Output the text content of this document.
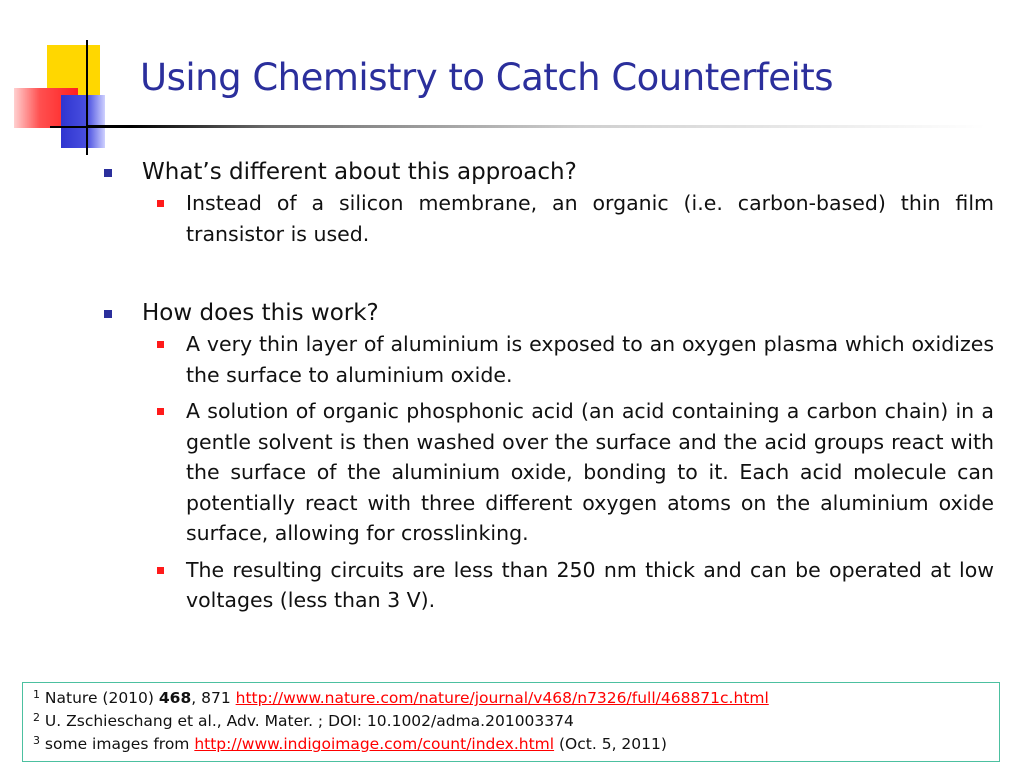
Using Chemistry to Catch Counterfeits
What’s different about this approach?
Instead of a silicon membrane, an organic (i.e. carbon-based) thin film transistor is used.
How does this work?
A very thin layer of aluminium is exposed to an oxygen plasma which oxidizes the surface to aluminium oxide.
A solution of organic phosphonic acid (an acid containing a carbon chain) in a gentle solvent is then washed over the surface and the acid groups react with the surface of the aluminium oxide, bonding to it. Each acid molecule can potentially react with three different oxygen atoms on the aluminium oxide surface, allowing for crosslinking.
The resulting circuits are less than 250 nm thick and can be operated at low voltages (less than 3 V).
$^1$ Nature (2010) 468, 871 http://www.nature.com/nature/journal/v468/n7326/full/468871c.html
$^2$ U. Zschieschang et al., Adv. Mater. ; DOI: 10.1002/adma.201003374
$^3$ some images from http://www.indigoimage.com/count/index.html (Oct. 5, 2011)
